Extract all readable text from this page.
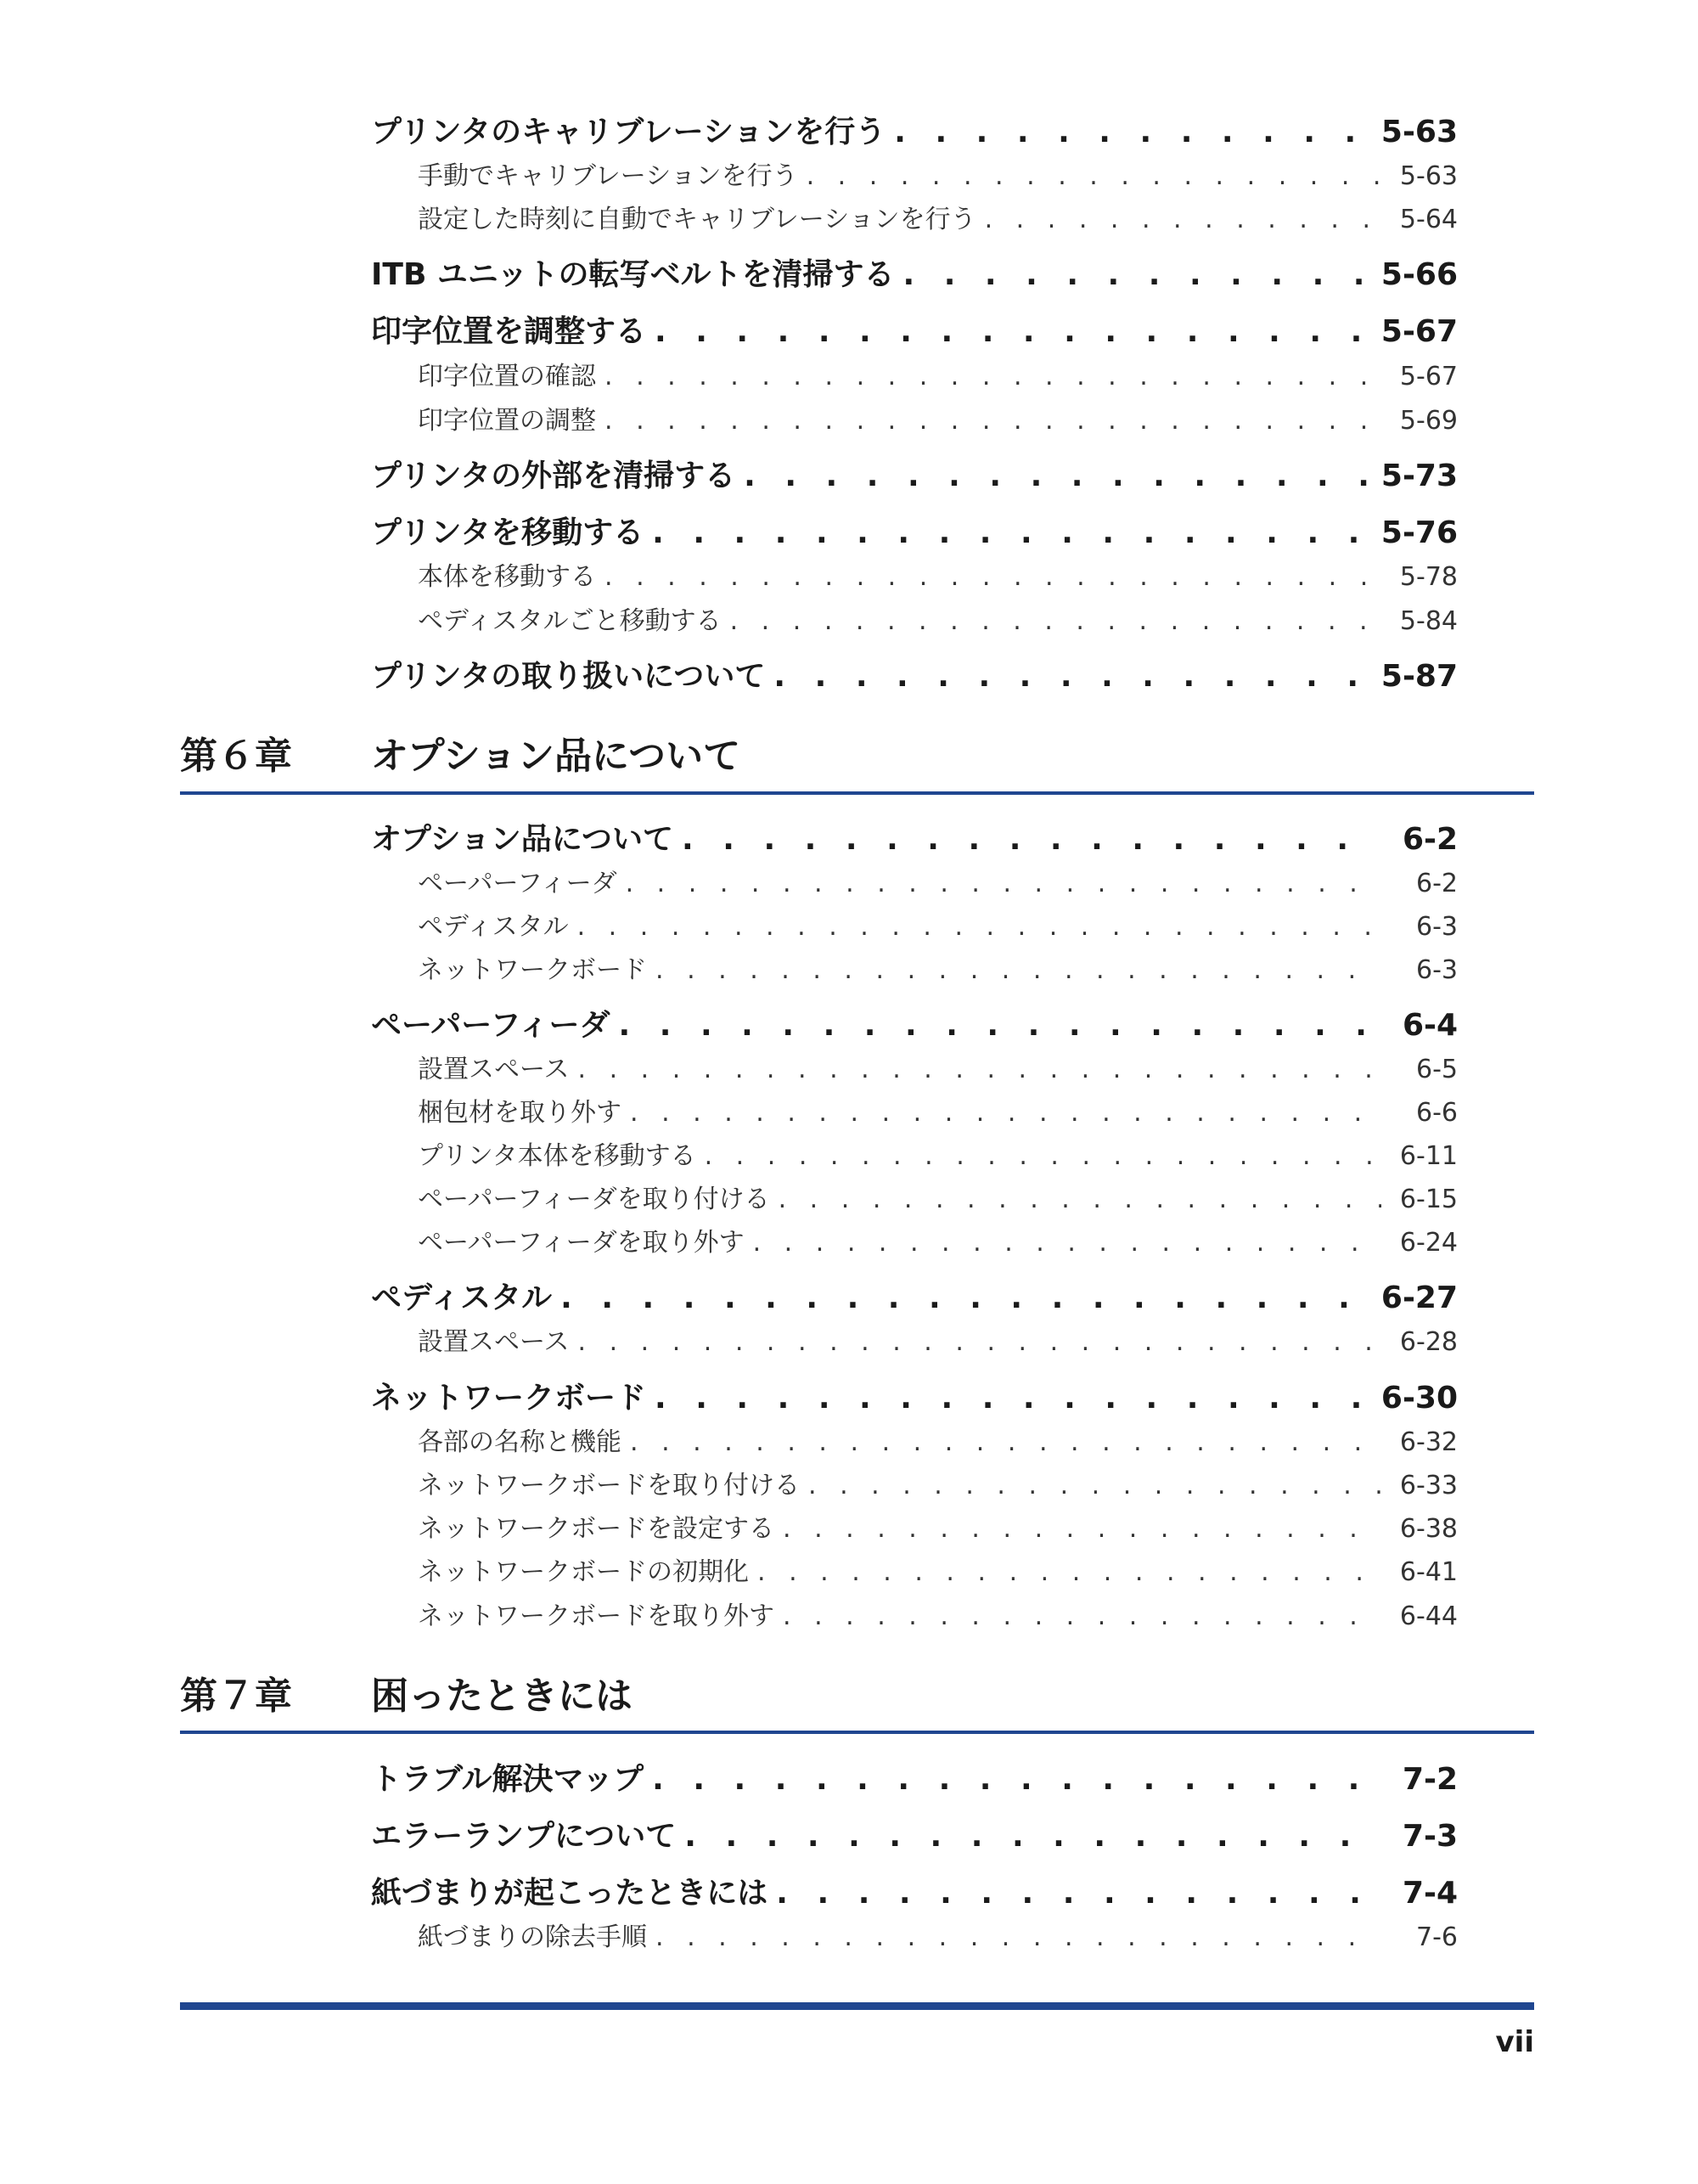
プリンタのキャリブレーションを行う . . .	5-63
手動でキャリブレーションを行う . . .	5-63
設定した時刻に自動でキャリブレーションを行う . . .	5-64
ITB ユニットの転写ベルトを清掃する . . .	5-66
印字位置を調整する . . .	5-67
印字位置の確認 . . .	5-67
印字位置の調整 . . .	5-69
プリンタの外部を清掃する . . .	5-73
プリンタを移動する . . .	5-76
本体を移動する . . .	5-78
ペディスタルごと移動する . . .	5-84
プリンタの取り扱いについて . . .	5-87
第６章 オプション品について
オプション品について . . .	6-2
ペーパーフィーダ . . .	6-2
ペディスタル . . .	6-3
ネットワークボード . . .	6-3
ペーパーフィーダ . . .	6-4
設置スペース . . .	6-5
梱包材を取り外す . . .	6-6
プリンタ本体を移動する . . .	6-11
ペーパーフィーダを取り付ける . . .	6-15
ペーパーフィーダを取り外す . . .	6-24
ペディスタル . . .	6-27
設置スペース . . .	6-28
ネットワークボード . . .	6-30
各部の名称と機能 . . .	6-32
ネットワークボードを取り付ける . . .	6-33
ネットワークボードを設定する . . .	6-38
ネットワークボードの初期化 . . .	6-41
ネットワークボードを取り外す . . .	6-44
第７章 困ったときには
トラブル解決マップ . . .	7-2
エラーランプについて . . .	7-3
紙づまりが起こったときには . . .	7-4
紙づまりの除去手順 . . .	7-6
vii
